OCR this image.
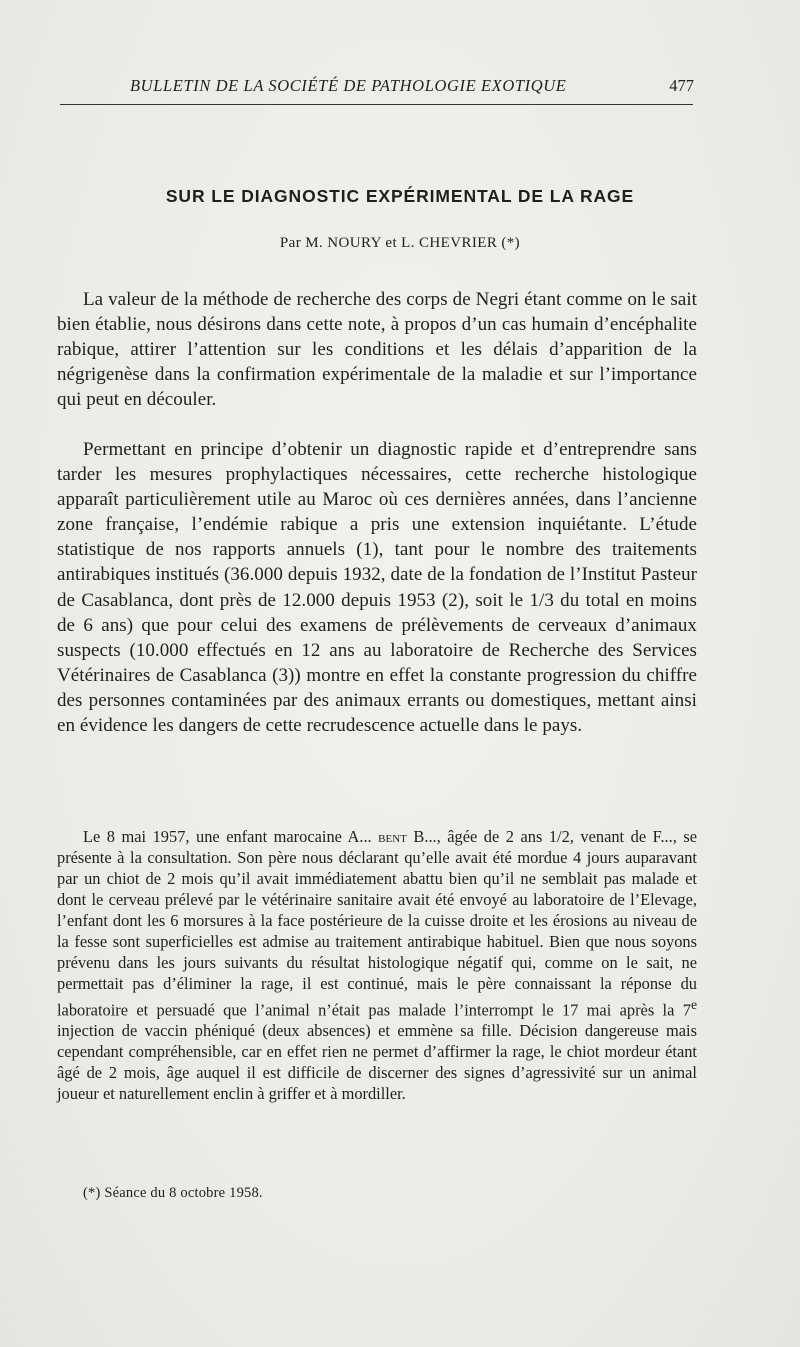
BULLETIN DE LA SOCIÉTÉ DE PATHOLOGIE EXOTIQUE	477
SUR LE DIAGNOSTIC EXPÉRIMENTAL DE LA RAGE
Par M. NOURY et L. CHEVRIER (*)

La valeur de la méthode de recherche des corps de Negri étant comme on le sait bien établie, nous désirons dans cette note, à propos d’un cas humain d’encéphalite rabique, attirer l’attention sur les conditions et les délais d’apparition de la négrigenèse dans la confirmation expérimentale de la maladie et sur l’importance qui peut en découler.

Permettant en principe d’obtenir un diagnostic rapide et d’entreprendre sans tarder les mesures prophylactiques nécessaires, cette recherche histologique apparaît particulièrement utile au Maroc où ces dernières années, dans l’ancienne zone française, l’endémie rabique a pris une extension inquiétante. L’étude statistique de nos rapports annuels (1), tant pour le nombre des traitements antirabiques institués (36.000 depuis 1932, date de la fondation de l’Institut Pasteur de Casablanca, dont près de 12.000 depuis 1953 (2), soit le 1/3 du total en moins de 6 ans) que pour celui des examens de prélèvements de cerveaux d’animaux suspects (10.000 effectués en 12 ans au laboratoire de Recherche des Services Vétérinaires de Casablanca (3)) montre en effet la constante progression du chiffre des personnes contaminées par des animaux errants ou domestiques, mettant ainsi en évidence les dangers de cette recrudescence actuelle dans le pays.

Le 8 mai 1957, une enfant marocaine A... bent B..., âgée de 2 ans 1/2, venant de F..., se présente à la consultation. Son père nous déclarant qu’elle avait été mordue 4 jours auparavant par un chiot de 2 mois qu’il avait immédiatement abattu bien qu’il ne semblait pas malade et dont le cerveau prélevé par le vétérinaire sanitaire avait été envoyé au laboratoire de l’Elevage, l’enfant dont les 6 morsures à la face postérieure de la cuisse droite et les érosions au niveau de la fesse sont superficielles est admise au traitement antirabique habituel. Bien que nous soyons prévenu dans les jours suivants du résultat histologique négatif qui, comme on le sait, ne permettait pas d’éliminer la rage, il est continué, mais le père connaissant la réponse du laboratoire et persuadé que l’animal n’était pas malade l’interrompt le 17 mai après la 7e injection de vaccin phéniqué (deux absences) et emmène sa fille. Décision dangereuse mais cependant compréhensible, car en effet rien ne permet d’affirmer la rage, le chiot mordeur étant âgé de 2 mois, âge auquel il est difficile de discerner des signes d’agressivité sur un animal joueur et naturellement enclin à griffer et à mordiller.

(*) Séance du 8 octobre 1958.
